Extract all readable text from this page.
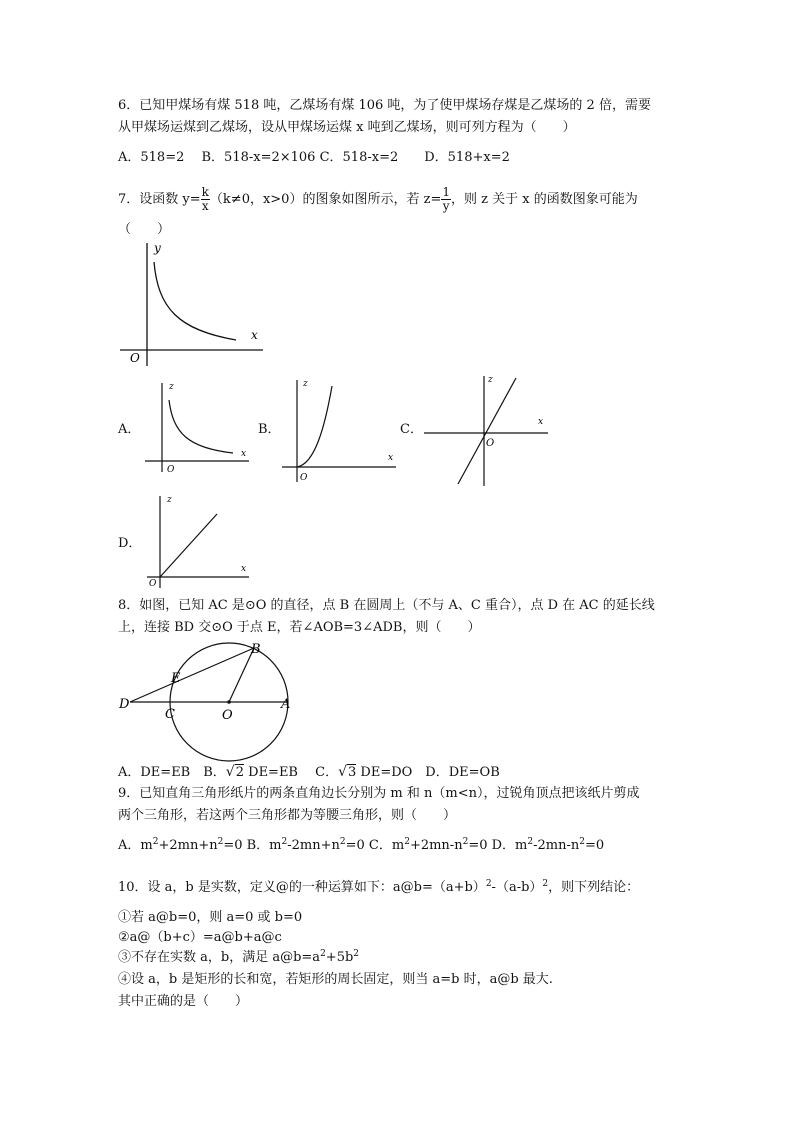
6．已知甲煤场有煤 518 吨，乙煤场有煤 106 吨，为了使甲煤场存煤是乙煤场的 2 倍，需要
从甲煤场运煤到乙煤场，设从甲煤场运煤 x 吨到乙煤场，则可列方程为（　　）
A．518=2　 B．518-x=2×106 C．518-x=2　　D．518+x=2
7．设函数 $y= \frac{k}{x} (k\ne 0$，x>0）的图象如图所示，若 $z= \frac{1}{y}$ ，则 z 关于 x 的函数图象可能为
（　　）
y
x
O
A．
z
x
O
B．
z
x
O
C．
z
x
O
D．
z
x
O
8．如图，已知 AC 是⊙O 的直径，点 B 在圆周上（不与 A、C 重合），点 D 在 AC 的延长线
上，连接 BD 交⊙O 于点 E，若∠AOB=3∠ADB，则（　　）
B
E
D
C	O
A
A．DE=EB　B．√2 DE=EB　 C．√3 DE=DO　D．DE=OB
9．已知直角三角形纸片的两条直角边长分别为 m 和 n（m<n），过锐角顶点把该纸片剪成
两个三角形，若这两个三角形都为等腰三角形，则（　　）
A．$m^2+2mn+n^2=0$ B．$m^2-2mn+n^2=0$ C．$m^2+2mn-n^2=0$ D．$m^2-2mn-n^2=0$
10．设 a，b 是实数，定义@的一种运算如下：$a@b=(a+b)^2-(a-b)^2$，则下列结论：
①若 a@b=0，则 a=0 或 b=0
②a@（b+c）=a@b+a@c
③不存在实数 a，b，满足 $a@b=a^2+5b^2$
④设 a，b 是矩形的长和宽，若矩形的周长固定，则当 a=b 时，a@b 最大.
其中正确的是（　　）
